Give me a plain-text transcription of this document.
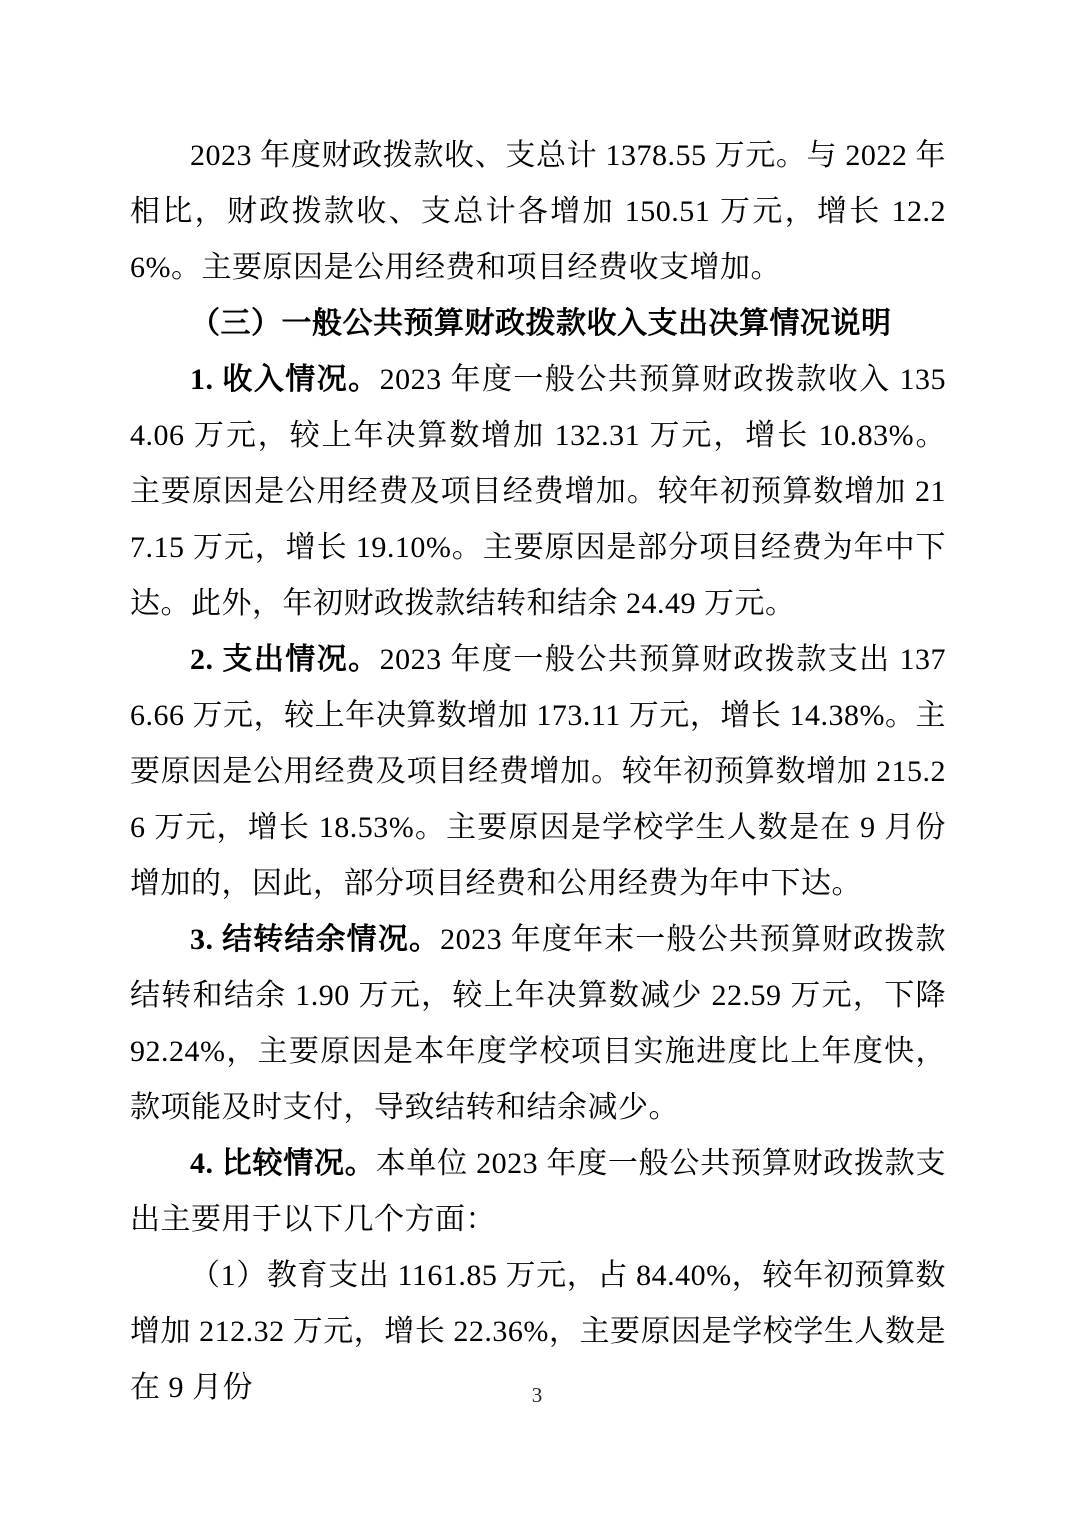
2023 年度财政拨款收、支总计 1378.55 万元。与 2022 年相比，财政拨款收、支总计各增加 150.51 万元，增长 12.26%。主要原因是公用经费和项目经费收支增加。

（三）一般公共预算财政拨款收入支出决算情况说明

1. 收入情况。2023 年度一般公共预算财政拨款收入 1354.06 万元，较上年决算数增加 132.31 万元，增长 10.83%。主要原因是公用经费及项目经费增加。较年初预算数增加 217.15 万元，增长 19.10%。主要原因是部分项目经费为年中下达。此外，年初财政拨款结转和结余 24.49 万元。

2. 支出情况。2023 年度一般公共预算财政拨款支出 1376.66 万元，较上年决算数增加 173.11 万元，增长 14.38%。主要原因是公用经费及项目经费增加。较年初预算数增加 215.26 万元，增长 18.53%。主要原因是学校学生人数是在 9 月份增加的，因此，部分项目经费和公用经费为年中下达。

3. 结转结余情况。2023 年度年末一般公共预算财政拨款结转和结余 1.90 万元，较上年决算数减少 22.59 万元，下降 92.24%，主要原因是本年度学校项目实施进度比上年度快，款项能及时支付，导致结转和结余减少。

4. 比较情况。本单位 2023 年度一般公共预算财政拨款支出主要用于以下几个方面：

（1）教育支出 1161.85 万元，占 84.40%，较年初预算数增加 212.32 万元，增长 22.36%，主要原因是学校学生人数是在 9 月份	3
